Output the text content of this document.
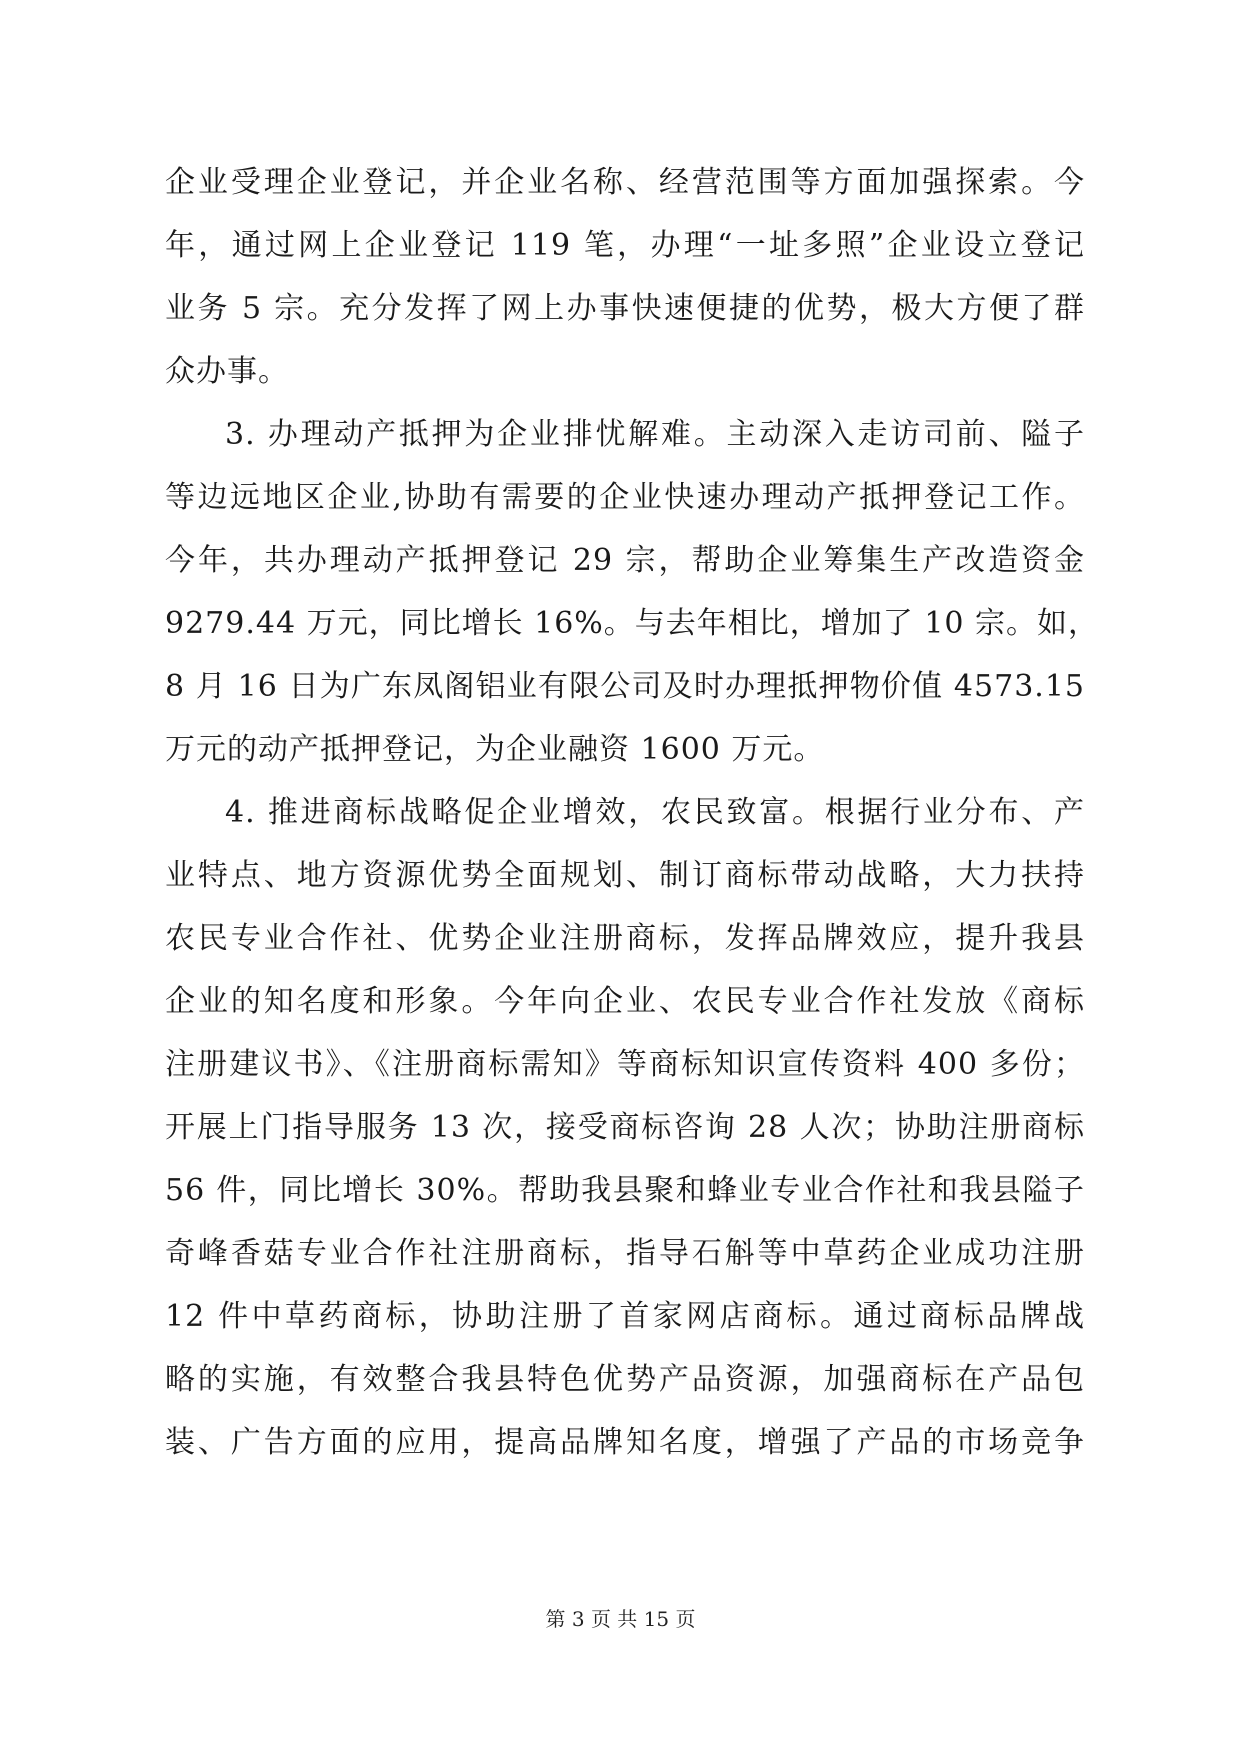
企业受理企业登记，并企业名称、经营范围等方面加强探索。今
年，通过网上企业登记 119 笔，办理“一址多照”企业设立登记
业务 5 宗。充分发挥了网上办事快速便捷的优势，极大方便了群
众办事。
3. 办理动产抵押为企业排忧解难。主动深入走访司前、隘子
等边远地区企业,协助有需要的企业快速办理动产抵押登记工作。
今年，共办理动产抵押登记 29 宗，帮助企业筹集生产改造资金
9279.44 万元，同比增长 16%。与去年相比，增加了 10 宗。如，
8 月 16 日为广东凤阁铝业有限公司及时办理抵押物价值 4573.15
万元的动产抵押登记，为企业融资 1600 万元。
4. 推进商标战略促企业增效，农民致富。根据行业分布、产
业特点、地方资源优势全面规划、制订商标带动战略，大力扶持
农民专业合作社、优势企业注册商标，发挥品牌效应，提升我县
企业的知名度和形象。今年向企业、农民专业合作社发放《商标
注册建议书》、《注册商标需知》等商标知识宣传资料 400 多份；
开展上门指导服务 13 次，接受商标咨询 28 人次；协助注册商标
56 件，同比增长 30%。帮助我县聚和蜂业专业合作社和我县隘子
奇峰香菇专业合作社注册商标，指导石斛等中草药企业成功注册
12 件中草药商标，协助注册了首家网店商标。通过商标品牌战
略的实施，有效整合我县特色优势产品资源，加强商标在产品包
装、广告方面的应用，提高品牌知名度，增强了产品的市场竞争
第 3 页 共 15 页
